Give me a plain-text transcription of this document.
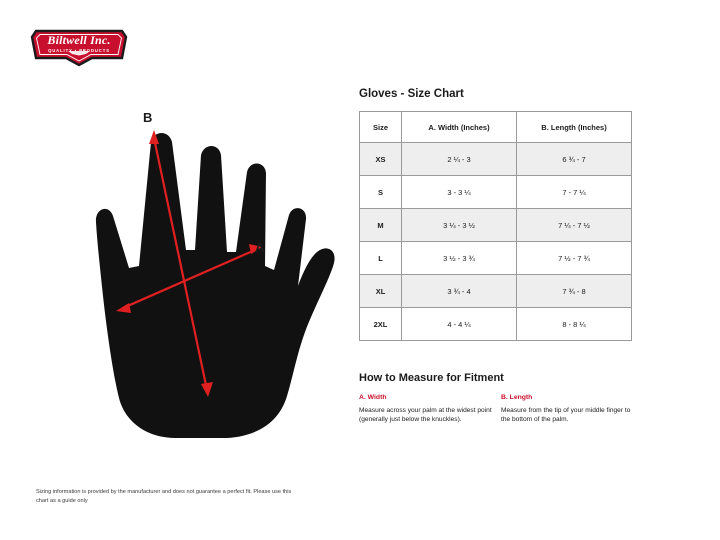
Biltwell Inc.
QUALITY • PRODUCTS
B
A
Gloves - Size Chart
Size	A. Width (Inches)	B. Length (Inches)
XS	2 ¼ - 3	6 ¾ - 7
S	3 - 3 ¼	7 - 7 ¼
M	3 ¼ - 3 ½	7 ¼ - 7 ½
L	3 ½ - 3 ¾	7 ½ - 7 ¾
XL	3 ¾ - 4	7 ¾ - 8
2XL	4 - 4 ¼	8 - 8 ¼
How to Measure for Fitment
A. Width
Measure across your palm at the widest point (generally just below the knuckles).
B. Length
Measure from the tip of your middle finger to the bottom of the palm.
Sizing information is provided by the manufacturer and does not guarantee a perfect fit. Please use this chart as a guide only
